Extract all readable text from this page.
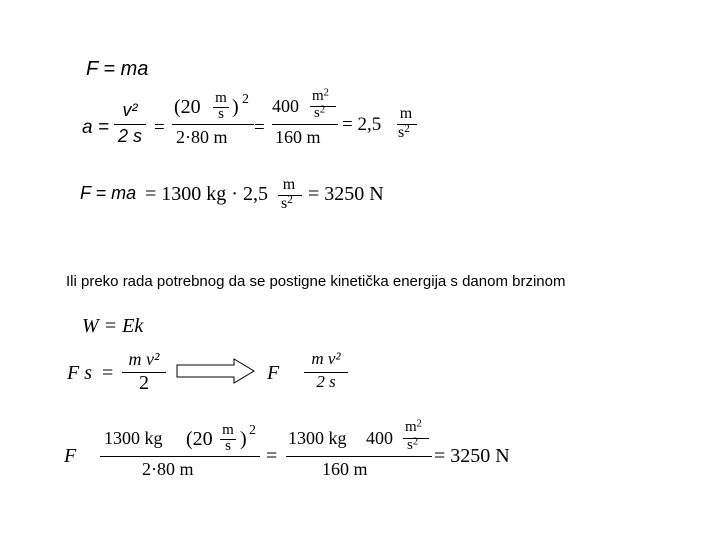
F = ma
a =
v²
2 s =
(20 m
s ) 2
2·80 m =
400 $m^2$
$s^2$
160 m
= 2,5
m
$s^2$
F = ma = 1300 kg · 2,5 m
$s^2 = 3250$ N
Ili preko rada potrebnog da se postigne kinetička energija s danom brzinom
W = Ek
F s =
m v²
2	F
m v²
2 s
F
1300 kg (20 m
s ) 2
2·80 m
=
1300 kg 400
$m^2$
$s^2$
160 m
= 3250 N
